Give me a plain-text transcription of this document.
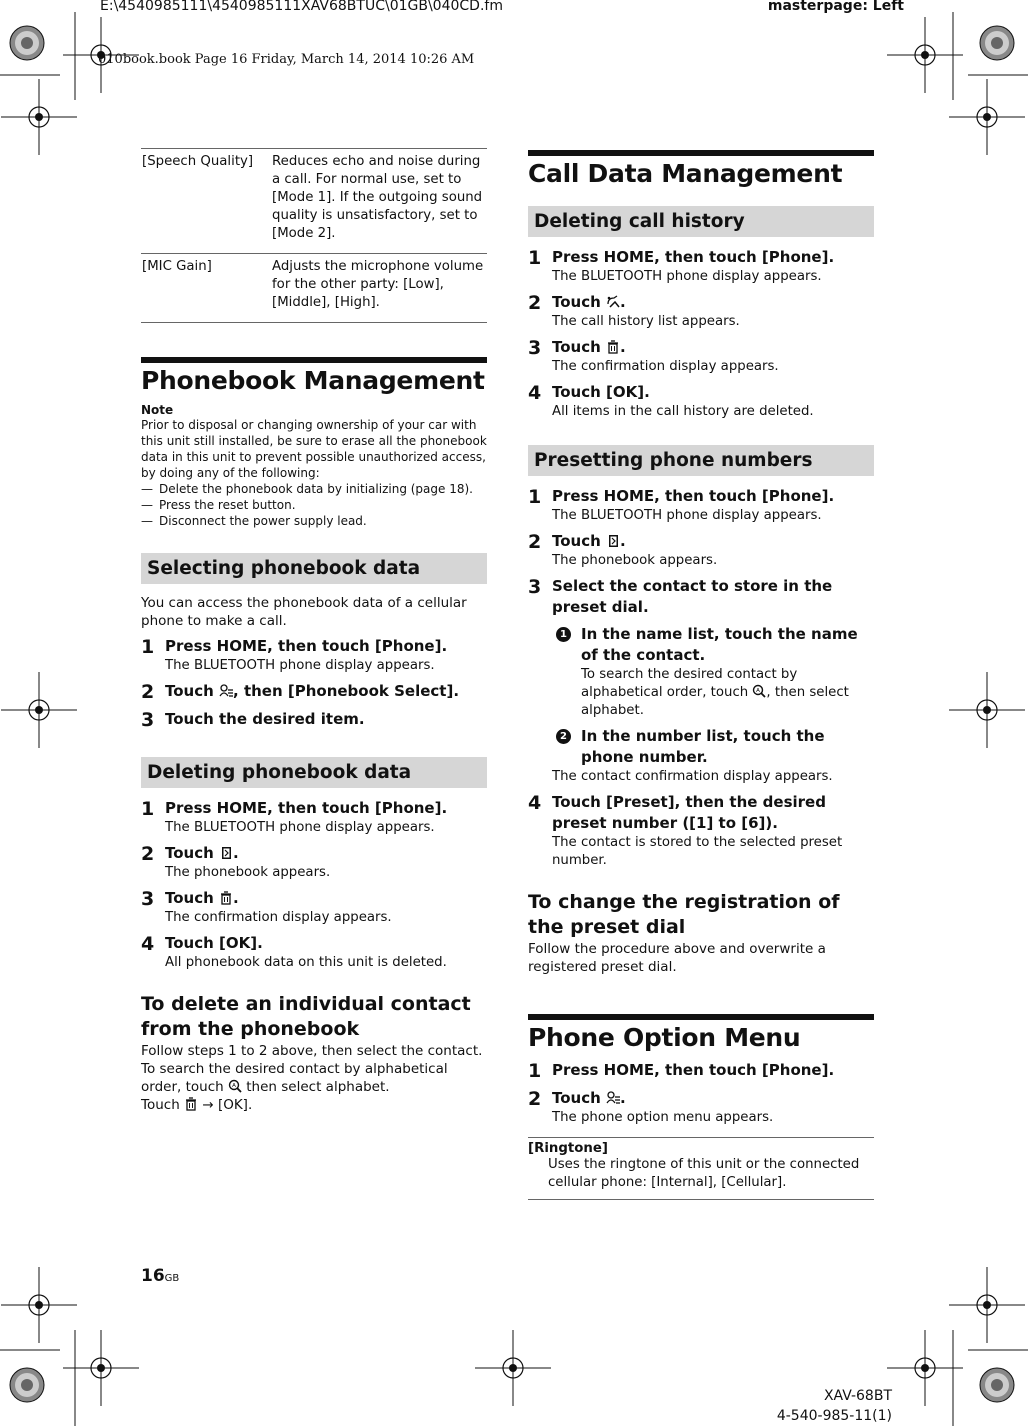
E:\4540985111\4540985111XAV68BTUC\01GB\040CD.fm	masterpage: Left
010book.book Page 16 Friday, March 14, 2014 10:26 AM
[Speech Quality]	Reduces echo and noise during a call. For normal use, set to [Mode 1]. If the outgoing sound quality is unsatisfactory, set to [Mode 2].
[MIC Gain]	Adjusts the microphone volume for the other party: [Low], [Middle], [High].
Phonebook Management
Note
Prior to disposal or changing ownership of your car with this unit still installed, be sure to erase all the phonebook data in this unit to prevent possible unauthorized access, by doing any of the following:
— Delete the phonebook data by initializing (page 18).
— Press the reset button.
— Disconnect the power supply lead.
Selecting phonebook data
You can access the phonebook data of a cellular phone to make a call.
1 Press HOME, then touch [Phone].
The BLUETOOTH phone display appears.
2 Touch , then [Phonebook Select].
3 Touch the desired item.
Deleting phonebook data
1 Press HOME, then touch [Phone].
The BLUETOOTH phone display appears.
2 Touch .
The phonebook appears.
3 Touch .
The confirmation display appears.
4 Touch [OK].
All phonebook data on this unit is deleted.
To delete an individual contact from the phonebook
Follow steps 1 to 2 above, then select the contact.
To search the desired contact by alphabetical order, touch  then select alphabet.
Touch  → [OK].
Call Data Management
Deleting call history
1 Press HOME, then touch [Phone].
The BLUETOOTH phone display appears.
2 Touch .
The call history list appears.
3 Touch .
The confirmation display appears.
4 Touch [OK].
All items in the call history are deleted.
Presetting phone numbers
1 Press HOME, then touch [Phone].
The BLUETOOTH phone display appears.
2 Touch .
The phonebook appears.
3 Select the contact to store in the preset dial.
1 In the name list, touch the name of the contact.
To search the desired contact by alphabetical order, touch , then select alphabet.
2 In the number list, touch the phone number.
The contact confirmation display appears.
4 Touch [Preset], then the desired preset number ([1] to [6]).
The contact is stored to the selected preset number.
To change the registration of the preset dial
Follow the procedure above and overwrite a registered preset dial.
Phone Option Menu
1 Press HOME, then touch [Phone].
2 Touch .
The phone option menu appears.
[Ringtone]
Uses the ringtone of this unit or the connected cellular phone: [Internal], [Cellular].
16GB
XAV-68BT
4-540-985-11(1)
